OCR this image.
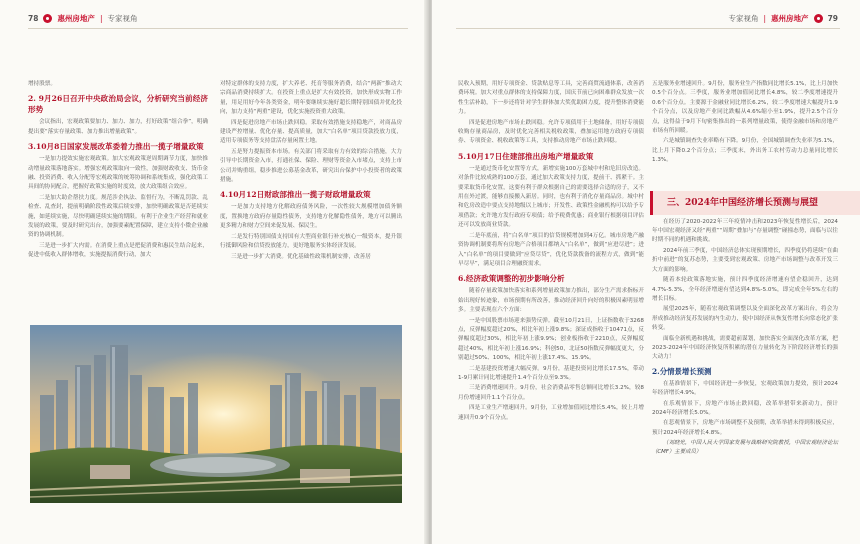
78	惠州房地产 | 专家视角

增持股票。

2. 9月26日召开中央政治局会议，分析研究当前经济形势

会议指出，宏观政策要加力、加力、加力，打好政策“组合拳”，明确提出要“落实存量政策、加力推出增量政策”。

3.10月8日国家发展改革委着力推出一揽子增量政策

一是加力提效实施宏观政策。加大宏观政策逆周期调节力度，加快推动增量政策落地落实。增强宏观政策取向一致性，加强财政收支、货币金融、投资消费、收入分配等宏观政策的统筹协调和系统集成，强化政策工具间的协同配合，把握好政策实施的时度效，放大政策组合效应。

二是加大助企帮扶力度。规范涉企执法、监督行为，不断乱罚款、乱检查、乱查封，提前明确阶段性政策后续安排，加快明确政策是否延续实施，如延续实施，尽快明确延续实施的期限。有利于企业生产经营和就业发展的政策，要及时研究出台，加强要素配置保障，建立支持小微企业融资的协调机制。

三是进一步扩大内需。在消费上重点是把促消费和惠民生结合起来，促进中低收入群体增收，实施提振消费行动，加大

对特定群体的支持力度，扩大养老、托育等服务消费，结合“两新”推动大宗商品消费持续扩大。在投资上重点是扩大有效投资，加快形成实物工作量，用足用好今年各类资金，明年要继续实施好超长期特别国债并优化投向，加力支持“两重”建设，优化实施投资重大政策。

四是促进房地产市场止跌回稳。采取有效措施支持稳地产，对商品房建设严控增量、优化存量、提高质量，加大“白名单”项目贷款投放力度，适用专项债务等支持盘活存量闲置土地。

五是努力提振资本市场。有关部门将采取有力有效的综合措施，大力引导中长期资金入市，打通社保、保险、理财等资金入市堵点，支持上市公司并购重组，稳步推进公募基金改革，研究出台保护中小投资者的政策措施。

4.10月12日财政部推出一揽子财政增量政策

一是加力支持地方化解政府债务风险，一次性较大规模增加债务额度，置换地方政府存量隐性债务，支持地方化解隐性债务，地方可以腾出更多精力和财力空间来促发展、保民生。

二是发行特别国债支持国有大型商业银行补充核心一级资本，提升银行抵御风险和信贷投放能力，更好地服务实体经济发展。

三是进一步扩大消费。优化基础性政策机制安排，改善居

专家视角 | 惠州房地产	79

民收入预期，用好专项资金、贷款贴息等工具，完善商贸流通体系，改善消费环境。加大对重点群体的支持保障力度，国庆节前已向困难群众发放一次性生活补助，下一步还将针对学生群体加大奖优助困力度，提升整体消费能力。

四是促进房地产市场止跌回稳。允许专项债用于土地储备，用好专项债收购存量商品房，及时优化完善相关税收政策，叠加运用地方政府专项债券、专项资金、税收政策等工具，支持推动房地产市场止跌回稳。

5.10月17日住建部推出房地产增量政策

一是通过货币化安置等方式，新增实施100万套城中村和危旧房改造。对条件比较成熟的100万套，通过加大政策支持力度，提前干、抓紧干。主要采取货币化安置，这要有利于群众根据自己的需要选择合适的房子，又不用在外过渡，能够直接搬入新居。同时，也有利于消化存量商品房。城中村和危房改造中要点支持地级以上城市；开发性、政策性金融机构可以给予专项借款；允许地方发行政府专项债；给予税费优惠；商业银行根据项目评估还可以发放商业贷款。

二是年底前，将“白名单”项目的信贷规模增加到4万亿。城市房地产融资协调机制要将所有房地产合格项目都纳入“白名单”，做到“应进尽进”；进入“白名单”的项目要做到“应贷尽贷”，优化贷款拨备的流程方式，做到“能早尽早”，满足项目合理融资需求。

6.经济政策调整的初步影响分析

随着存量政策加快落实和系列增量政策加力推出，部分生产需求指标开始出现好转迹象，市场预期有所改善，推动经济回升向好的积极因素明显增多。主要表现在六个方面：

一是中国股票市场迎来强势反弹。截至10月21日，上证指数收于3268点，反弹幅度超过20%，相比年初上涨9.8%；深证成指收于10471点，反弹幅度超过30%，相比年初上涨9.9%；创业板指收于2210点，反弹幅度超过40%，相比年初上涨16.9%；科创50，北证50指数反弹幅度更大，分别超过50%、100%，相比年初上涨17.4%、15.9%。

二是基建投资增速大幅反弹。9月份，基建投资同比增长17.5%，带动1-9月累计同比增速提升1.4个百分点至9.3%。

三是消费增速回升。9月份，社会消费品零售总额同比增长3.2%，较8月份增速回升1.1个百分点。

四是工业生产增速回升。9月份，工业增加值同比增长5.4%，较上月增速回升0.9个百分点。

五是服务业增速回升。9月份，服务业生产指数同比增长5.1%，比上月加快0.5个百分点。三季度，服务业增加值同比增长4.8%，较二季度增速提升0.6个百分点。主要源于金融业同比增长6.2%，较二季度增速大幅提升1.9个百分点，以及房地产业同比跌幅从4.6%缩小至1.9%，提升2.5个百分点，这得益于9月下旬密集推出的一系列增量政策，使得金融市场和房地产市场有所回暖。

六是城镇调查失业率略有下降。9月份，全国城镇调查失业率为5.1%，比上月下降0.2个百分点；三季度末，外出务工农村劳动力总量同比增长1.3%。

在经历了2020-2022年三年疫情冲击和2023年恢复性增长后，2024年中国宏观经济又经“两重”“周期”叠加与“存量调整”碰撞态势，面临与以往时期不同的机遇和挑战。

2024年前三季度，中国经济总体实现预期增长，四季度仍将延续“在曲折中前进”的复苏态势，主要受到宏观政策、房地产市场调整与改革开发三大方面的影响。

随着本轮政策落地实施，预计四季度经济增速有望企稳回升，达到4.7%-5.3%，全年经济增速有望达到4.8%-5.0%，即完成全年5%左右的增长目标。

展望2025年，随着宏观政策调整以及全面深化改革方案出台，将会为形成推动经济复苏发展的内生动力，使中国经济从恢复性增长向常态化扩张转变。

面临全新机遇和挑战，需要超前谋划，加快落实全面深化改革方案，把2023-2024年中国经济恢复所积累的潜在力量转化为下阶段经济增长的强大动力！

2.分情景增长预测

在基准情景下，中国经济进一步恢复，宏观政策加力提效，预计2024年经济增长4.9%。

在乐观情景下，房地产市场止跌回稳，改革举措带来新动力，预计2024年经济增长5.0%。

在悲观情景下，房地产市场调整不及预期，改革举措未得到积极反应，预计2024年经济增长4.8%。

（刘晓光，中国人民大学国家发展与战略研究院教授，中国宏观经济论坛（CMF）主要成员）

三、2024年中国经济增长预测与展望
